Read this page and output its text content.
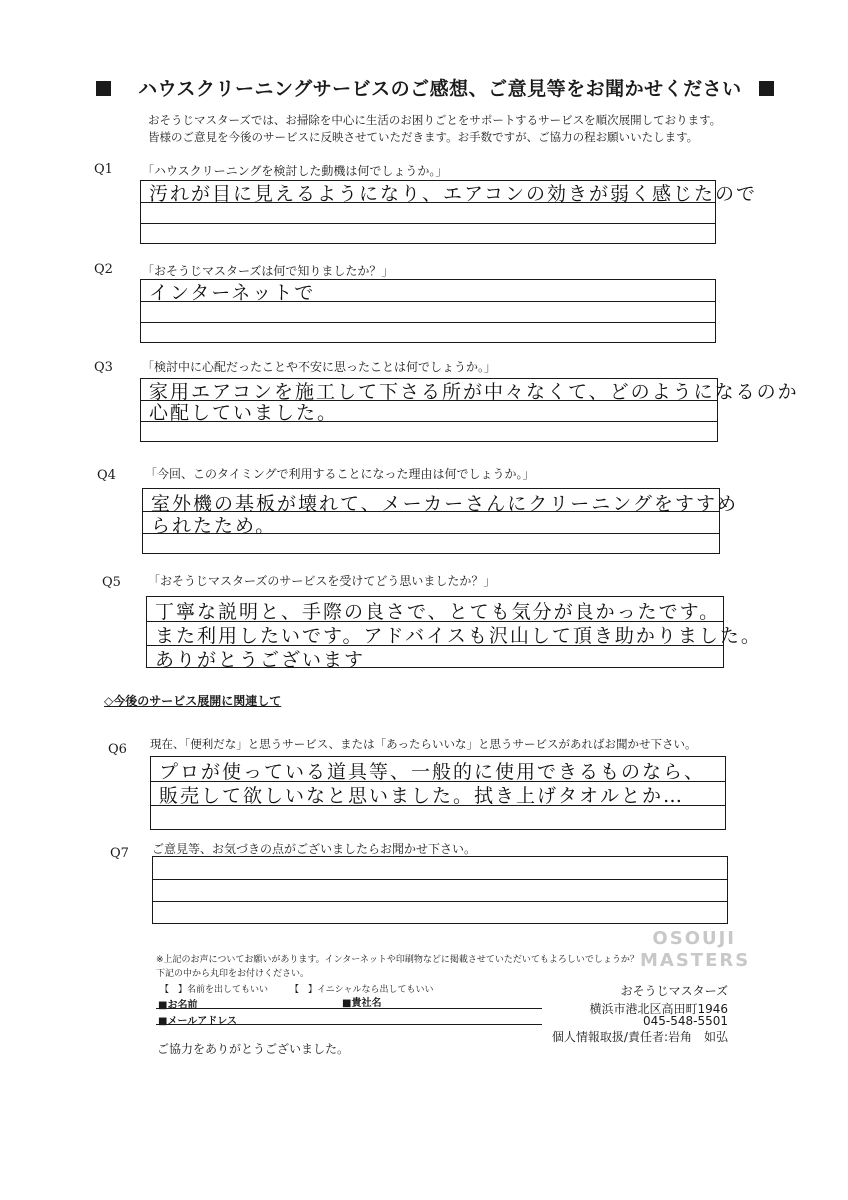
ハウスクリーニングサービスのご感想、ご意見等をお聞かせください
おそうじマスターズでは、お掃除を中心に生活のお困りごとをサポートするサービスを順次展開しております。
皆様のご意見を今後のサービスに反映させていただきます。お手数ですが、ご協力の程お願いいたします。
Q1 「ハウスクリーニングを検討した動機は何でしょうか。」
汚れが目に見えるようになり、エアコンの効きが弱く感じたので
Q2 「おそうじマスターズは何で知りましたか？」
インターネットで
Q3 「検討中に心配だったことや不安に思ったことは何でしょうか。」
家用エアコンを施工して下さる所が中々なくて、どのようになるのか
心配していました。
Q4 「今回、このタイミングで利用することになった理由は何でしょうか。」
室外機の基板が壊れて、メーカーさんにクリーニングをすすめ
られたため。
Q5 「おそうじマスターズのサービスを受けてどう思いましたか？」
丁寧な説明と、手際の良さで、とても気分が良かったです。
また利用したいです。アドバイスも沢山して頂き助かりました。
ありがとうございます
◇今後のサービス展開に関連して
Q6 現在、「便利だな」と思うサービス、または「あったらいいな」と思うサービスがあればお聞かせ下さい。
プロが使っている道具等、一般的に使用できるものなら、
販売して欲しいなと思いました。拭き上げタオルとか…
Q7 ご意見等、お気づきの点がございましたらお聞かせ下さい。
※上記のお声についてお願いがあります。インターネットや印刷物などに掲載させていただいてもよろしいでしょうか？
下記の中から丸印をお付けください。
【　】名前を出してもいい 【　】イニシャルなら出してもいい
■お名前	■貴社名
■メールアドレス
ご協力をありがとうございました。
OSOUJI
MASTERS
おそうじマスターズ
横浜市港北区高田町1946
045-548-5501
個人情報取扱/責任者:岩角　如弘
